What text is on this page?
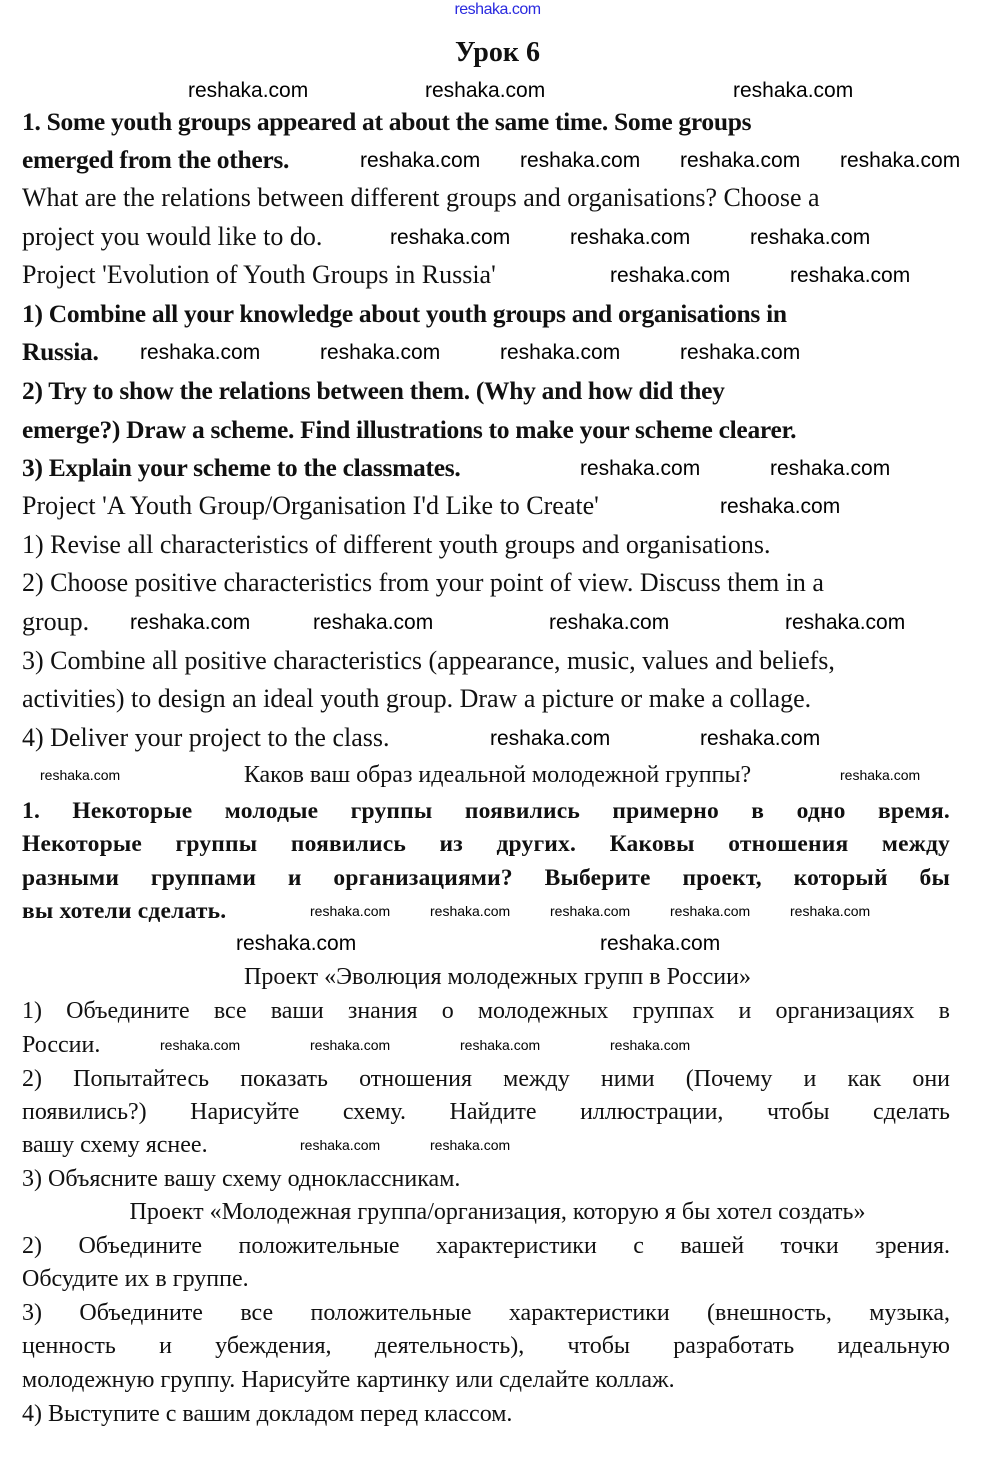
reshaka.com
Урок 6
1. Some youth groups appeared at about the same time. Some groups
emerged from the others.
What are the relations between different groups and organisations? Choose a
project you would like to do.
Project 'Evolution of Youth Groups in Russia'
1) Combine all your knowledge about youth groups and organisations in
Russia.
2) Try to show the relations between them. (Why and how did they
emerge?) Draw a scheme. Find illustrations to make your scheme clearer.
3) Explain your scheme to the classmates.
Project 'A Youth Group/Organisation I'd Like to Create'
1) Revise all characteristics of different youth groups and organisations.
2) Choose positive characteristics from your point of view. Discuss them in a
group.
3) Combine all positive characteristics (appearance, music, values and beliefs,
activities) to design an ideal youth group. Draw a picture or make a collage.
4) Deliver your project to the class.
Каков ваш образ идеальной молодежной группы?
1. Некоторые молодые группы появились примерно в одно время.
Некоторые группы появились из других. Каковы отношения между
разными группами и организациями? Выберите проект, который бы
вы хотели сделать.
Проект «Эволюция молодежных групп в России»
1) Объедините все ваши знания о молодежных группах и организациях в
России.
2) Попытайтесь показать отношения между ними (Почему и как они
появились?) Нарисуйте схему. Найдите иллюстрации, чтобы сделать
вашу схему яснее.
3) Объясните вашу схему одноклассникам.
Проект «Молодежная группа/организация, которую я бы хотел создать»
2) Объедините положительные характеристики с вашей точки зрения.
Обсудите их в группе.
3) Объедините все положительные характеристики (внешность, музыка,
ценность и убеждения, деятельность), чтобы разработать идеальную
молодежную группу. Нарисуйте картинку или сделайте коллаж.
4) Выступите с вашим докладом перед классом.
reshaka.com	reshaka.com	reshaka.com
reshaka.com reshaka.com reshaka.com reshaka.com
reshaka.com	reshaka.com	reshaka.com
reshaka.com	reshaka.com
reshaka.com	reshaka.com	reshaka.com	reshaka.com
reshaka.com	reshaka.com
reshaka.com
reshaka.com	reshaka.com	reshaka.com	reshaka.com
reshaka.com	reshaka.com
reshaka.com	reshaka.com
reshaka.com	reshaka.com
reshaka.com	reshaka.com	reshaka.com	reshaka.com	reshaka.com
reshaka.com	reshaka.com	reshaka.com	reshaka.com
reshaka.com	reshaka.com
